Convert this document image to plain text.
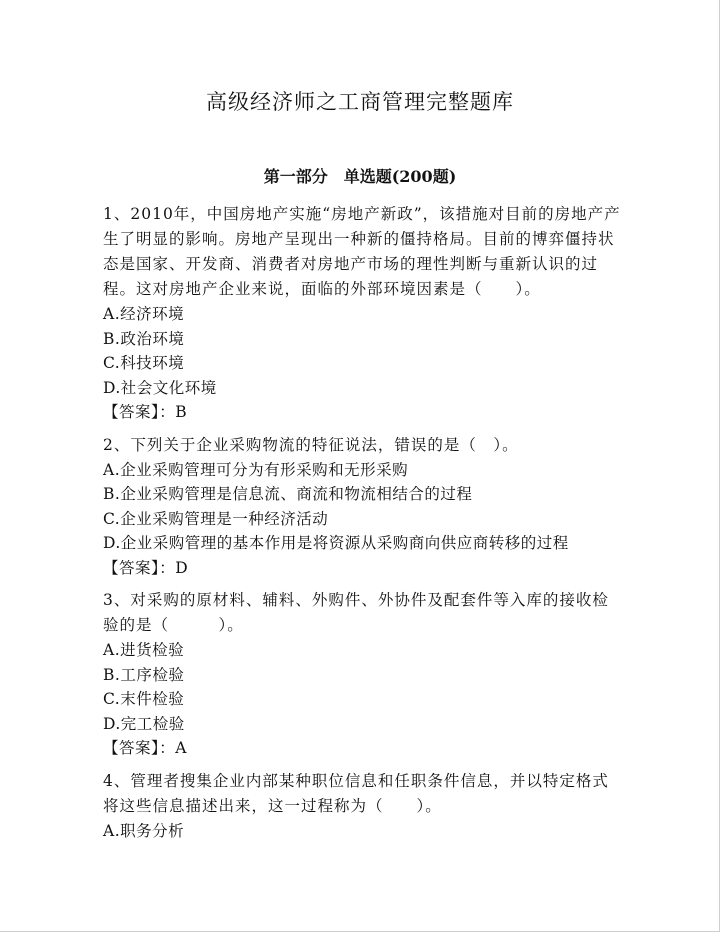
高级经济师之工商管理完整题库
第一部分　单选题(200题)

1、2010年，中国房地产实施“房地产新政”，该措施对目前的房地产产生了明显的影响。房地产呈现出一种新的僵持格局。目前的博弈僵持状态是国家、开发商、消费者对房地产市场的理性判断与重新认识的过程。这对房地产企业来说，面临的外部环境因素是（　　）。

A.经济环境

B.政治环境

C.科技环境

D.社会文化环境

【答案】：B

2、下列关于企业采购物流的特征说法，错误的是（　）。

A.企业采购管理可分为有形采购和无形采购

B.企业采购管理是信息流、商流和物流相结合的过程

C.企业采购管理是一种经济活动

D.企业采购管理的基本作用是将资源从采购商向供应商转移的过程

【答案】：D

3、对采购的原材料、辅料、外购件、外协件及配套件等入库的接收检验的是（　　　）。

A.进货检验

B.工序检验

C.末件检验

D.完工检验

【答案】：A

4、管理者搜集企业内部某种职位信息和任职条件信息，并以特定格式将这些信息描述出来，这一过程称为（　　）。

A.职务分析
